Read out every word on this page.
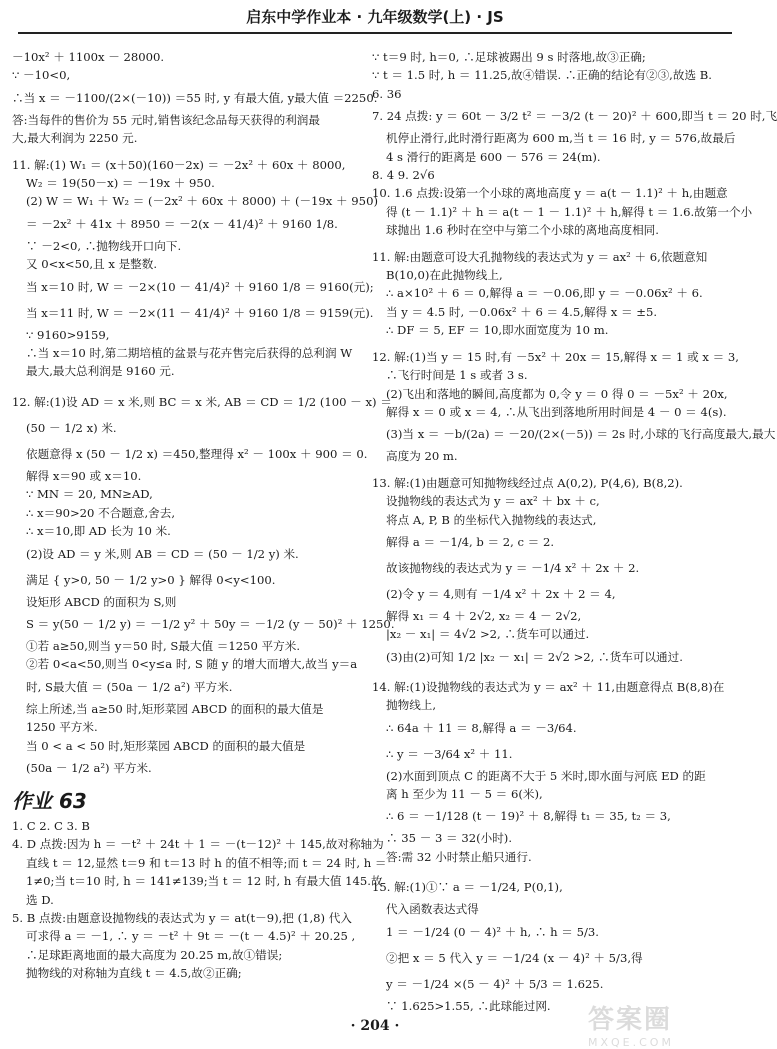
启东中学作业本 · 九年级数学(上) · JS
－10x² ＋ 1100x － 28000.
∵ －10<0,
∴当 x ＝ －1100/(2×(－10)) ＝55 时, y 有最大值, y最大值 ＝2250.
答:当每件的售价为 55 元时,销售该纪念品每天获得的利润最
大,最大利润为 2250 元.
11. 解:(1) W₁ ＝ (x＋50)(160－2x) ＝ －2x² ＋ 60x ＋ 8000,
W₂ ＝ 19(50－x) ＝ －19x ＋ 950.
(2) W ＝ W₁ ＋ W₂ ＝ (－2x² ＋ 60x ＋ 8000) ＋ (－19x ＋ 950)
＝ －2x² ＋ 41x ＋ 8950 ＝ －2(x － 41/4)² ＋ 9160 1/8.
∵ －2<0, ∴抛物线开口向下.
又 0<x<50,且 x 是整数.
当 x＝10 时, W ＝ －2×(10 － 41/4)² ＋ 9160 1/8 ＝ 9160(元);
当 x＝11 时, W ＝ －2×(11 － 41/4)² ＋ 9160 1/8 ＝ 9159(元).
∵ 9160>9159,
∴当 x＝10 时,第二期培植的盆景与花卉售完后获得的总利润 W
最大,最大总利润是 9160 元.
12. 解:(1)设 AD ＝ x 米,则 BC ＝ x 米, AB ＝ CD ＝ 1/2 (100 － x) ＝
(50 － 1/2 x) 米.
依题意得 x (50 － 1/2 x) ＝450,整理得 x² － 100x ＋ 900 ＝ 0.
解得 x＝90 或 x＝10.
∵ MN ＝ 20, MN≥AD,
∴ x＝90>20 不合题意,舍去,
∴ x＝10,即 AD 长为 10 米.
(2)设 AD ＝ y 米,则 AB ＝ CD ＝ (50 － 1/2 y) 米.
满足 { y>0, 50 － 1/2 y>0 } 解得 0<y<100.
设矩形 ABCD 的面积为 S,则
S ＝ y(50 － 1/2 y) ＝ －1/2 y² ＋ 50y ＝ －1/2 (y － 50)² ＋ 1250.
①若 a≥50,则当 y＝50 时, S最大值 ＝1250 平方米.
②若 0<a<50,则当 0<y≤a 时, S 随 y 的增大而增大,故当 y＝a
时, S最大值 ＝ (50a － 1/2 a²) 平方米.
综上所述,当 a≥50 时,矩形菜园 ABCD 的面积的最大值是
1250 平方米.
当 0 < a < 50 时,矩形菜园 ABCD 的面积的最大值是
(50a － 1/2 a²) 平方米.
作业 63
1. C 2. C 3. B
4. D 点拨:因为 h ＝ －t² ＋ 24t ＋ 1 ＝ －(t－12)² ＋ 145,故对称轴为
直线 t ＝ 12,显然 t＝9 和 t＝13 时 h 的值不相等;而 t ＝ 24 时, h ＝
1≠0;当 t＝10 时, h ＝ 141≠139;当 t ＝ 12 时, h 有最大值 145.故
选 D.
5. B 点拨:由题意设抛物线的表达式为 y ＝ at(t－9),把 (1,8) 代入
可求得 a ＝ －1, ∴ y ＝ －t² ＋ 9t ＝ －(t － 4.5)² ＋ 20.25 ,
∴足球距离地面的最大高度为 20.25 m,故①错误;
抛物线的对称轴为直线 t ＝ 4.5,故②正确;
∵ t＝9 时, h＝0, ∴足球被踢出 9 s 时落地,故③正确;
∵ t ＝ 1.5 时, h ＝ 11.25,故④错误. ∴正确的结论有②③,故选 B.
6. 36
7. 24 点拨: y ＝ 60t － 3/2 t² ＝ －3/2 (t － 20)² ＋ 600,即当 t ＝ 20 时,飞
机停止滑行,此时滑行距离为 600 m,当 t ＝ 16 时, y ＝ 576,故最后
4 s 滑行的距离是 600 － 576 ＝ 24(m).
8. 4 9. 2√6
10. 1.6 点拨:设第一个小球的离地高度 y ＝ a(t － 1.1)² ＋ h,由题意
得 (t － 1.1)² ＋ h ＝ a(t － 1 － 1.1)² ＋ h,解得 t ＝ 1.6.故第一个小
球抛出 1.6 秒时在空中与第二个小球的离地高度相同.
11. 解:由题意可设大孔抛物线的表达式为 y ＝ ax² ＋ 6,依题意知
B(10,0)在此抛物线上,
∴ a×10² ＋ 6 ＝ 0,解得 a ＝ －0.06,即 y ＝ －0.06x² ＋ 6.
当 y ＝ 4.5 时, －0.06x² ＋ 6 ＝ 4.5,解得 x ＝ ±5.
∴ DF ＝ 5, EF ＝ 10,即水面宽度为 10 m.
12. 解:(1)当 y ＝ 15 时,有 －5x² ＋ 20x ＝ 15,解得 x ＝ 1 或 x ＝ 3,
∴飞行时间是 1 s 或者 3 s.
(2)飞出和落地的瞬间,高度都为 0,令 y ＝ 0 得 0 ＝ －5x² ＋ 20x,
解得 x ＝ 0 或 x ＝ 4, ∴从飞出到落地所用时间是 4 － 0 ＝ 4(s).
(3)当 x ＝ －b/(2a) ＝ －20/(2×(－5)) ＝ 2s 时,小球的飞行高度最大,最大
高度为 20 m.
13. 解:(1)由题意可知抛物线经过点 A(0,2), P(4,6), B(8,2).
设抛物线的表达式为 y ＝ ax² ＋ bx ＋ c,
将点 A, P, B 的坐标代入抛物线的表达式,
解得 a ＝ －1/4, b ＝ 2, c ＝ 2.
故该抛物线的表达式为 y ＝ －1/4 x² ＋ 2x ＋ 2.
(2)令 y ＝ 4,则有 －1/4 x² ＋ 2x ＋ 2 ＝ 4,
解得 x₁ ＝ 4 ＋ 2√2, x₂ ＝ 4 － 2√2,
|x₂ － x₁| ＝ 4√2 >2, ∴货车可以通过.
(3)由(2)可知 1/2 |x₂ － x₁| ＝ 2√2 >2, ∴货车可以通过.
14. 解:(1)设抛物线的表达式为 y ＝ ax² ＋ 11,由题意得点 B(8,8)在
抛物线上,
∴ 64a ＋ 11 ＝ 8,解得 a ＝ －3/64.
∴ y ＝ －3/64 x² ＋ 11.
(2)水面到顶点 C 的距离不大于 5 米时,即水面与河底 ED 的距
离 h 至少为 11 － 5 ＝ 6(米),
∴ 6 ＝ －1/128 (t － 19)² ＋ 8,解得 t₁ ＝ 35, t₂ ＝ 3,
∴ 35 － 3 ＝ 32(小时).
答:需 32 小时禁止船只通行.
15. 解:(1)①∵ a ＝ －1/24, P(0,1),
代入函数表达式得
1 ＝ －1/24 (0 － 4)² ＋ h, ∴ h ＝ 5/3.
②把 x ＝ 5 代入 y ＝ －1/24 (x － 4)² ＋ 5/3,得
y ＝ －1/24 ×(5 － 4)² ＋ 5/3 ＝ 1.625.
∵ 1.625>1.55, ∴此球能过网.
· 204 ·	答案圈
MXQE.COM
